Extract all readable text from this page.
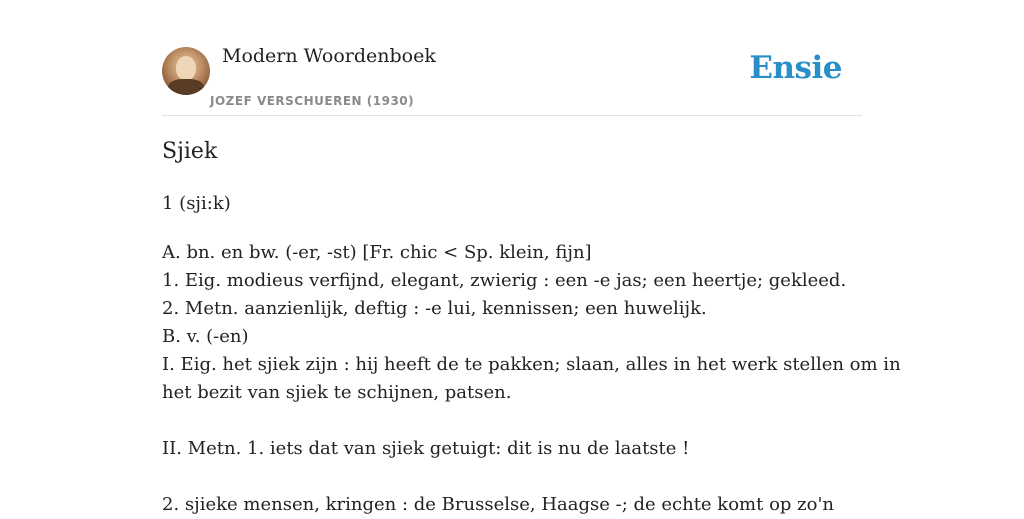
Modern Woordenboek
JOZEF VERSCHUEREN (1930)
Ensie
Sjiek
1 (sji:k)
A. bn. en bw. (-er, -st) [Fr. chic < Sp. klein, fijn]
1. Eig. modieus verfijnd, elegant, zwierig : een -e jas; een heertje; gekleed.
2. Metn. aanzienlijk, deftig : -e lui, kennissen; een huwelijk.
B. v. (-en)
I. Eig. het sjiek zijn : hij heeft de te pakken; slaan, alles in het werk stellen om in
het bezit van sjiek te schijnen, patsen.
II. Metn. 1. iets dat van sjiek getuigt: dit is nu de laatste !
2. sjieke mensen, kringen : de Brusselse, Haagse -; de echte komt op zo'n
